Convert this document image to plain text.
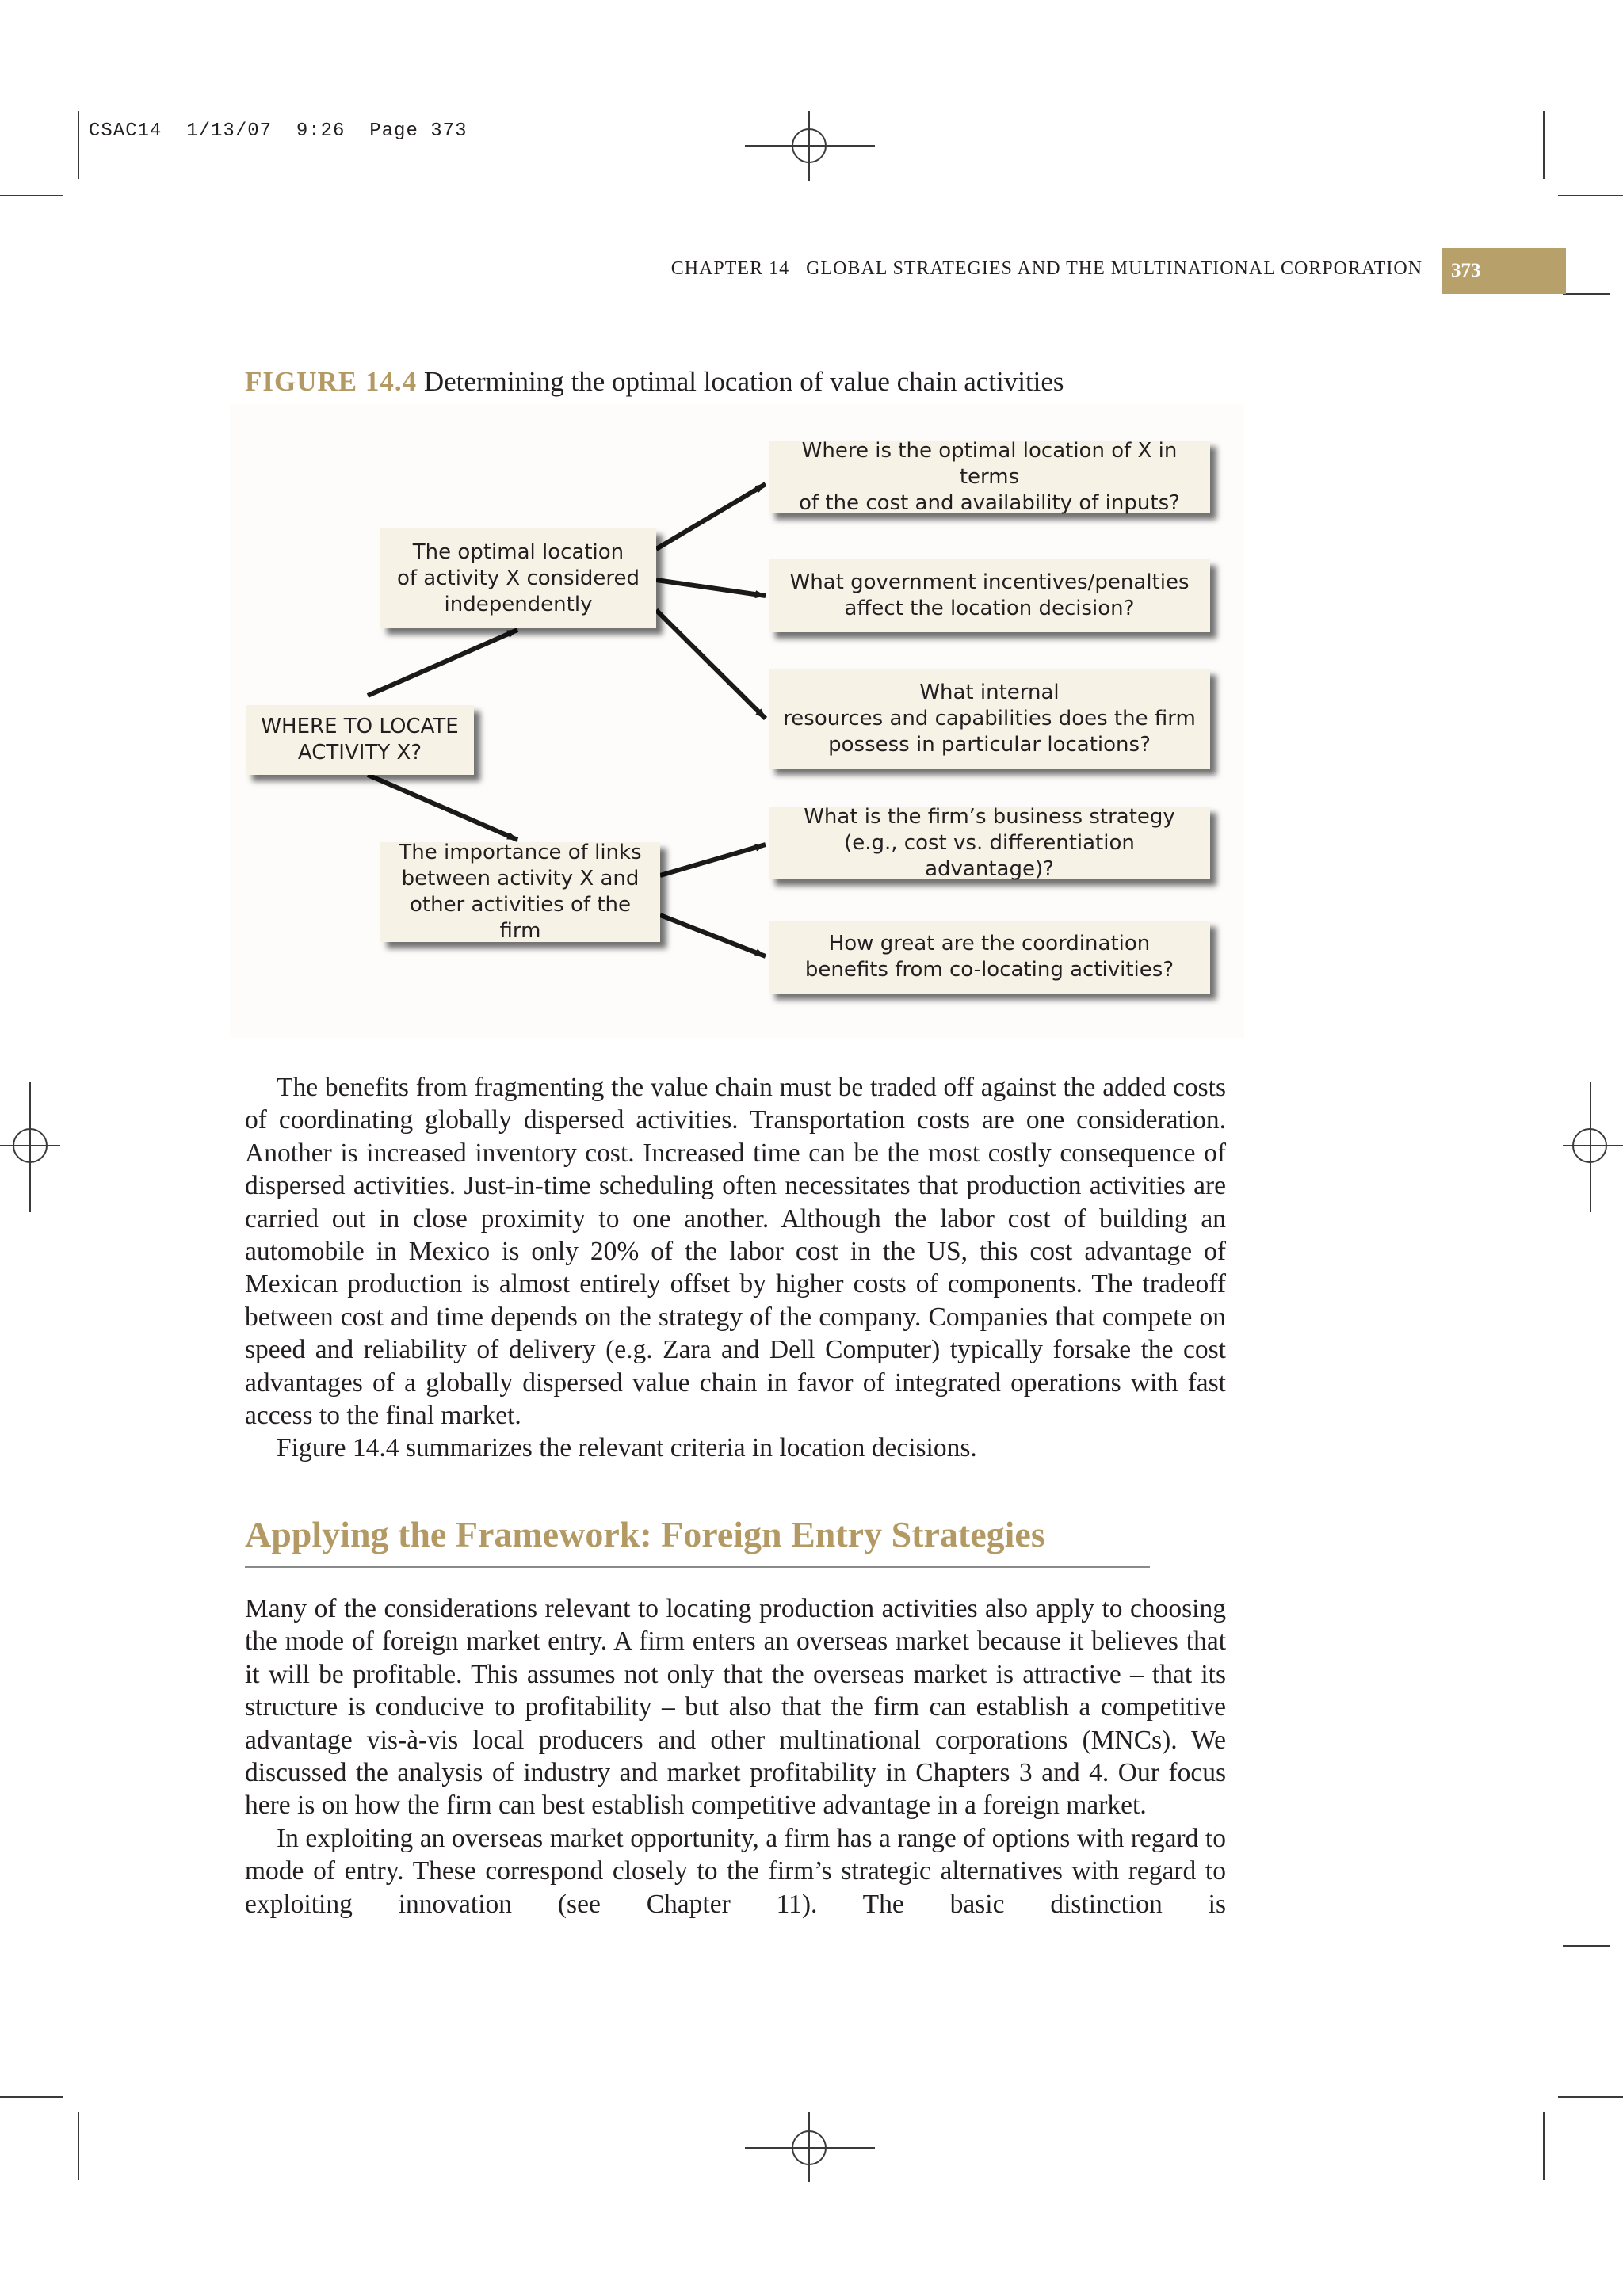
CSAC14  1/13/07  9:26  Page 373
CHAPTER 14   GLOBAL STRATEGIES AND THE MULTINATIONAL CORPORATION	373
FIGURE 14.4 Determining the optimal location of value chain activities
WHERE TO LOCATE
ACTIVITY X?
The optimal location
of activity X considered
independently
The importance of links
between activity X and
other activities of the firm
Where is the optimal location of X in terms
of the cost and availability of inputs?
What government incentives/penalties
affect the location decision?
What internal
resources and capabilities does the firm
possess in particular locations?
What is the firm’s business strategy
(e.g., cost vs. differentiation advantage)?
How great are the coordination
benefits from co-locating activities?

The benefits from fragmenting the value chain must be traded off against the added costs of coordinating globally dispersed activities. Transportation costs are one consideration. Another is increased inventory cost. Increased time can be the most costly consequence of dispersed activities. Just-in-time scheduling often necessitates that production activities are carried out in close proximity to one another. Although the labor cost of building an automobile in Mexico is only 20% of the labor cost in the US, this cost advantage of Mexican production is almost entirely offset by higher costs of components. The tradeoff between cost and time depends on the strategy of the company. Companies that compete on speed and reliability of delivery (e.g. Zara and Dell Computer) typically forsake the cost advantages of a globally dispersed value chain in favor of integrated operations with fast access to the final market.

Figure 14.4 summarizes the relevant criteria in location decisions.

Applying the Framework: Foreign Entry Strategies

Many of the considerations relevant to locating production activities also apply to choosing the mode of foreign market entry. A firm enters an overseas market because it believes that it will be profitable. This assumes not only that the overseas market is attractive – that its structure is conducive to profitability – but also that the firm can establish a competitive advantage vis-à-vis local producers and other multinational corporations (MNCs). We discussed the analysis of industry and market profitability in Chapters 3 and 4. Our focus here is on how the firm can best establish competitive advantage in a foreign market.

In exploiting an overseas market opportunity, a firm has a range of options with regard to mode of entry. These correspond closely to the firm’s strategic alternatives with regard to exploiting innovation (see Chapter 11). The basic distinction is
